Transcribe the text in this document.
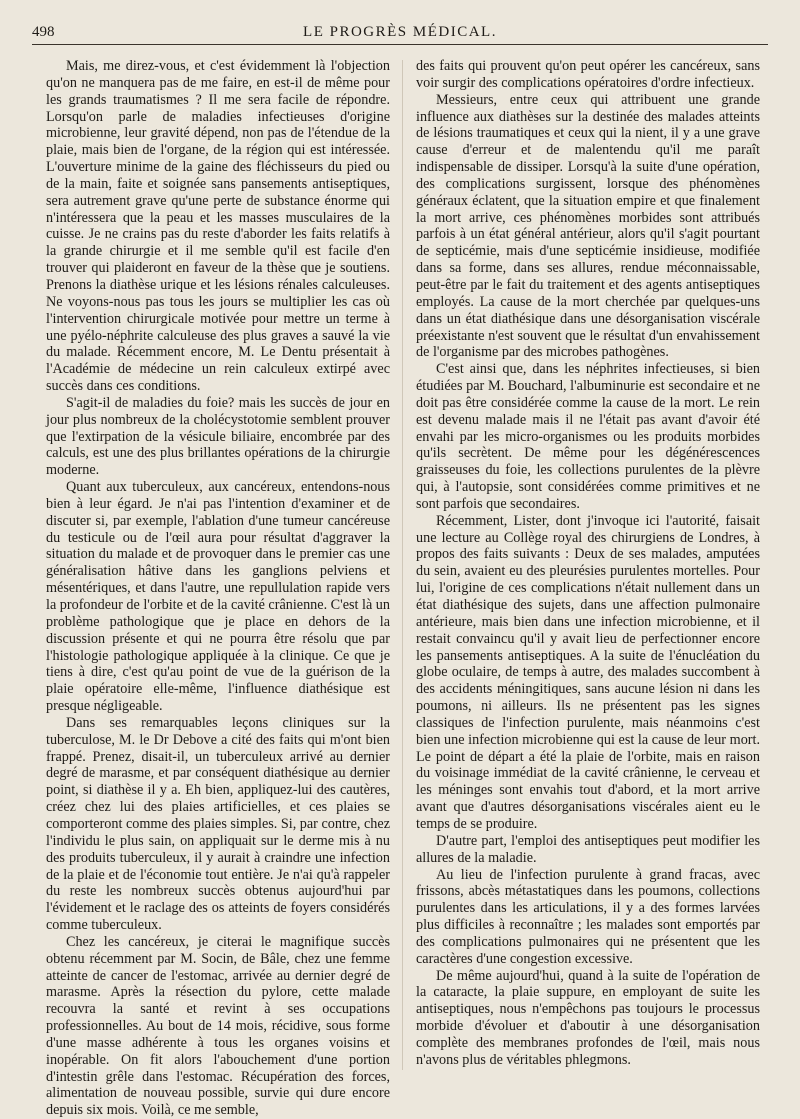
498	LE PROGRÈS MÉDICAL.

Mais, me direz-vous, et c'est évidemment là l'objection qu'on ne manquera pas de me faire, en est-il de même pour les grands traumatismes ? Il me sera facile de répondre. Lorsqu'on parle de maladies infectieuses d'origine microbienne, leur gravité dépend, non pas de l'étendue de la plaie, mais bien de l'organe, de la région qui est intéressée. L'ouverture minime de la gaine des fléchisseurs du pied ou de la main, faite et soignée sans pansements antiseptiques, sera autrement grave qu'une perte de substance énorme qui n'intéressera que la peau et les masses musculaires de la cuisse. Je ne crains pas du reste d'aborder les faits relatifs à la grande chirurgie et il me semble qu'il est facile d'en trouver qui plaideront en faveur de la thèse que je soutiens. Prenons la diathèse urique et les lésions rénales calculeuses. Ne voyons-nous pas tous les jours se multiplier les cas où l'intervention chirurgicale motivée pour mettre un terme à une pyélo-néphrite calculeuse des plus graves a sauvé la vie du malade. Récemment encore, M. Le Dentu présentait à l'Académie de médecine un rein calculeux extirpé avec succès dans ces conditions.

S'agit-il de maladies du foie? mais les succès de jour en jour plus nombreux de la cholécystotomie semblent prouver que l'extirpation de la vésicule biliaire, encombrée par des calculs, est une des plus brillantes opérations de la chirurgie moderne.

Quant aux tuberculeux, aux cancéreux, entendons-nous bien à leur égard. Je n'ai pas l'intention d'examiner et de discuter si, par exemple, l'ablation d'une tumeur cancéreuse du testicule ou de l'œil aura pour résultat d'aggraver la situation du malade et de provoquer dans le premier cas une généralisation hâtive dans les ganglions pelviens et mésentériques, et dans l'autre, une repullulation rapide vers la profondeur de l'orbite et de la cavité crânienne. C'est là un problème pathologique que je place en dehors de la discussion présente et qui ne pourra être résolu que par l'histologie pathologique appliquée à la clinique. Ce que je tiens à dire, c'est qu'au point de vue de la guérison de la plaie opératoire elle-même, l'influence diathésique est presque négligeable.

Dans ses remarquables leçons cliniques sur la tuberculose, M. le Dr Debove a cité des faits qui m'ont bien frappé. Prenez, disait-il, un tuberculeux arrivé au dernier degré de marasme, et par conséquent diathésique au dernier point, si diathèse il y a. Eh bien, appliquez-lui des cautères, créez chez lui des plaies artificielles, et ces plaies se comporteront comme des plaies simples. Si, par contre, chez l'individu le plus sain, on appliquait sur le derme mis à nu des produits tuberculeux, il y aurait à craindre une infection de la plaie et de l'économie tout entière. Je n'ai qu'à rappeler du reste les nombreux succès obtenus aujourd'hui par l'évidement et le raclage des os atteints de foyers considérés comme tuberculeux.

Chez les cancéreux, je citerai le magnifique succès obtenu récemment par M. Socin, de Bâle, chez une femme atteinte de cancer de l'estomac, arrivée au dernier degré de marasme. Après la résection du pylore, cette malade recouvra la santé et revint à ses occupations professionnelles. Au bout de 14 mois, récidive, sous forme d'une masse adhérente à tous les organes voisins et inopérable. On fit alors l'abouchement d'une portion d'intestin grêle dans l'estomac. Récupération des forces, alimentation de nouveau possible, survie qui dure encore depuis six mois. Voilà, ce me semble,

des faits qui prouvent qu'on peut opérer les cancéreux, sans voir surgir des complications opératoires d'ordre infectieux.

Messieurs, entre ceux qui attribuent une grande influence aux diathèses sur la destinée des malades atteints de lésions traumatiques et ceux qui la nient, il y a une grave cause d'erreur et de malentendu qu'il me paraît indispensable de dissiper. Lorsqu'à la suite d'une opération, des complications surgissent, lorsque des phénomènes généraux éclatent, que la situation empire et que finalement la mort arrive, ces phénomènes morbides sont attribués parfois à un état général antérieur, alors qu'il s'agit pourtant de septicémie, mais d'une septicémie insidieuse, modifiée dans sa forme, dans ses allures, rendue méconnaissable, peut-être par le fait du traitement et des agents antiseptiques employés. La cause de la mort cherchée par quelques-uns dans un état diathésique dans une désorganisation viscérale préexistante n'est souvent que le résultat d'un envahissement de l'organisme par des microbes pathogènes.

C'est ainsi que, dans les néphrites infectieuses, si bien étudiées par M. Bouchard, l'albuminurie est secondaire et ne doit pas être considérée comme la cause de la mort. Le rein est devenu malade mais il ne l'était pas avant d'avoir été envahi par les micro-organismes ou les produits morbides qu'ils secrètent. De même pour les dégénérescences graisseuses du foie, les collections purulentes de la plèvre qui, à l'autopsie, sont considérées comme primitives et ne sont parfois que secondaires.

Récemment, Lister, dont j'invoque ici l'autorité, faisait une lecture au Collège royal des chirurgiens de Londres, à propos des faits suivants : Deux de ses malades, amputées du sein, avaient eu des pleurésies purulentes mortelles. Pour lui, l'origine de ces complications n'était nullement dans un état diathésique des sujets, dans une affection pulmonaire antérieure, mais bien dans une infection microbienne, et il restait convaincu qu'il y avait lieu de perfectionner encore les pansements antiseptiques. A la suite de l'énucléation du globe oculaire, de temps à autre, des malades succombent à des accidents méningitiques, sans aucune lésion ni dans les poumons, ni ailleurs. Ils ne présentent pas les signes classiques de l'infection purulente, mais néanmoins c'est bien une infection microbienne qui est la cause de leur mort. Le point de départ a été la plaie de l'orbite, mais en raison du voisinage immédiat de la cavité crânienne, le cerveau et les méninges sont envahis tout d'abord, et la mort arrive avant que d'autres désorganisations viscérales aient eu le temps de se produire.

D'autre part, l'emploi des antiseptiques peut modifier les allures de la maladie.

Au lieu de l'infection purulente à grand fracas, avec frissons, abcès métastatiques dans les poumons, collections purulentes dans les articulations, il y a des formes larvées plus difficiles à reconnaître ; les malades sont emportés par des complications pulmonaires qui ne présentent que les caractères d'une congestion excessive.

De même aujourd'hui, quand à la suite de l'opération de la cataracte, la plaie suppure, en employant de suite les antiseptiques, nous n'empêchons pas toujours le processus morbide d'évoluer et d'aboutir à une désorganisation complète des membranes profondes de l'œil, mais nous n'avons plus de véritables phlegmons.
